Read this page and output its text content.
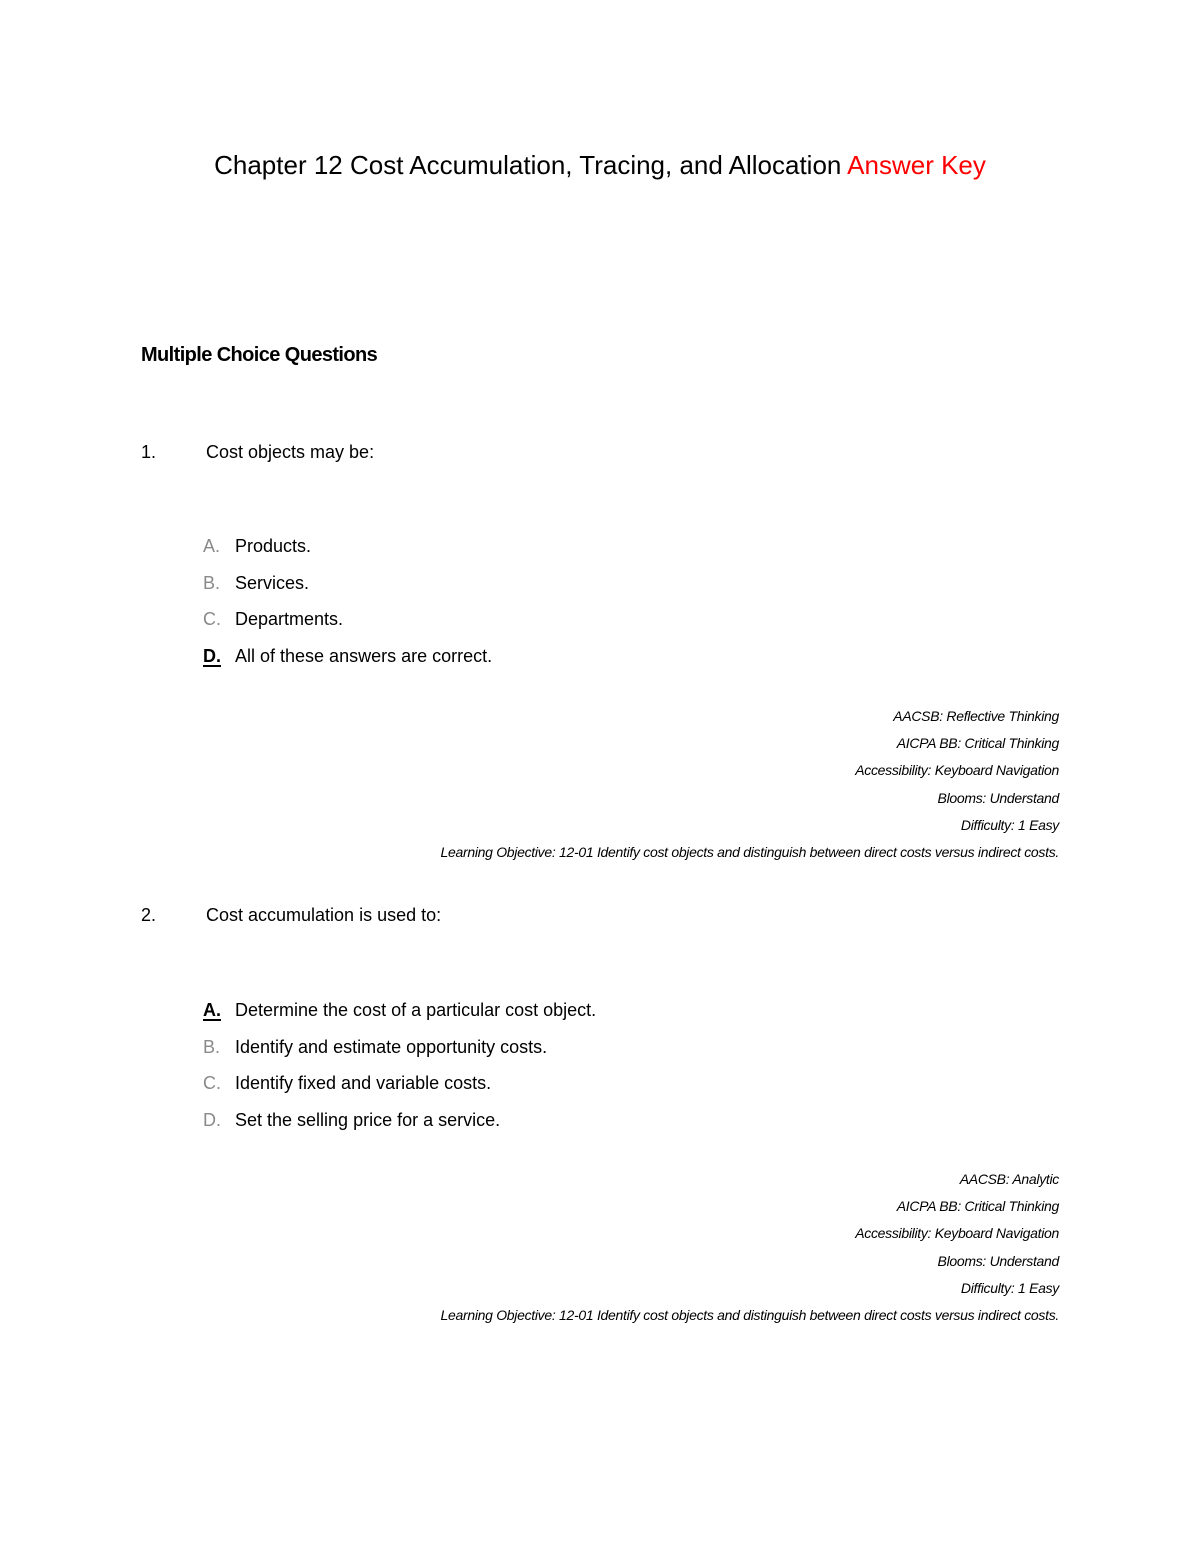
Chapter 12 Cost Accumulation, Tracing, and Allocation Answer Key
Multiple Choice Questions
1.	Cost objects may be:
A. Products.
B. Services.
C. Departments.
D. All of these answers are correct.
AACSB: Reflective Thinking
AICPA BB: Critical Thinking
Accessibility: Keyboard Navigation
Blooms: Understand
Difficulty: 1 Easy
Learning Objective: 12-01 Identify cost objects and distinguish between direct costs versus indirect costs.
2.	Cost accumulation is used to:
A. Determine the cost of a particular cost object.
B. Identify and estimate opportunity costs.
C. Identify fixed and variable costs.
D. Set the selling price for a service.
AACSB: Analytic
AICPA BB: Critical Thinking
Accessibility: Keyboard Navigation
Blooms: Understand
Difficulty: 1 Easy
Learning Objective: 12-01 Identify cost objects and distinguish between direct costs versus indirect costs.
